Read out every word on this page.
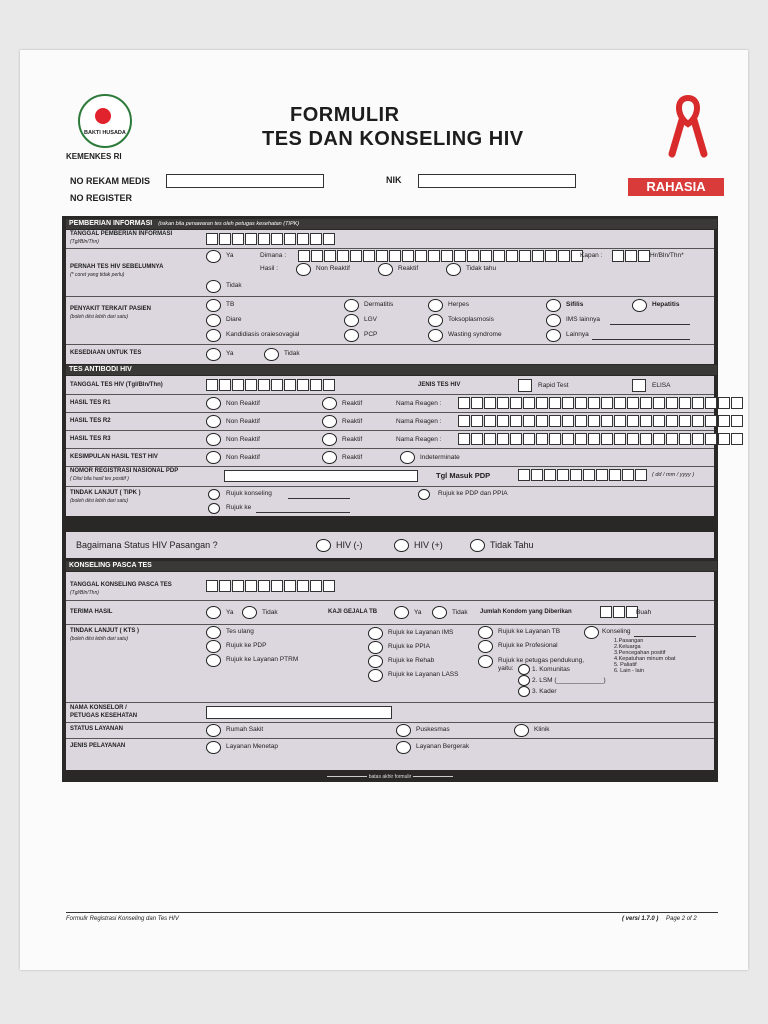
BAKTI HUSADA
KEMENKES RI
FORMULIR
TES DAN KONSELING HIV
NO REKAM MEDIS
NO REGISTER
NIK	RAHASIA
PEMBERIAN INFORMASI (isikan bila penawaran tes oleh petugas kesehatan (TIPK)
TANGGAL PEMBERIAN INFORMASI
(Tgl/Bln/Thn)
PERNAH TES HIV SEBELUMNYA
(* coret yang tidak perlu)
Ya	Dimana :	Kapan :	Hr/Bln/Thn*
Hasil :	Non Reaktif	Reaktif	Tidak tahu
Tidak
PENYAKIT TERKAIT PASIEN
(boleh diisi lebih dari satu)
TB	Dermatitis	Herpes	Sifilis	Hepatitis
Diare	LGV	Toksoplasmosis	IMS lainnya
Kandidiasis oraiesovagial	PCP	Wasting syndrome	Lainnya
KESEDIAAN UNTUK TES	Ya	Tidak
TES ANTIBODI HIV
TANGGAL TES HIV (Tgl/Bln/Thn)	JENIS TES HIV	Rapid Test	ELISA
HASIL TES R1	Non Reaktif	Reaktif	Nama Reagen :
HASIL TES R2	Non Reaktif	Reaktif	Nama Reagen :
HASIL TES R3	Non Reaktif	Reaktif	Nama Reagen :
KESIMPULAN HASIL TEST HIV	Non Reaktif	Reaktif	Indeterminate
NOMOR REGISTRASI NASIONAL PDP
( Diisi bila hasil tes positif )	Tgl Masuk PDP	( dd / mm / yyyy )
TINDAK LANJUT ( TIPK )
(boleh diisi lebih dari satu)
Rujuk konseling	Rujuk ke PDP dan PPIA
Rujuk ke
Bagaimana Status HIV Pasangan ?	HIV (-)	HIV (+)	Tidak Tahu
KONSELING PASCA TES
TANGGAL KONSELING PASCA TES
(Tgl/Bln/Thn)
TERIMA HASIL	Ya	Tidak	KAJI GEJALA TB	Ya	Tidak Jumlah Kondom yang Diberikan	Buah
TINDAK LANJUT ( KTS )
(boleh diisi lebih dari satu)
Tes ulang
Rujuk ke PDP
Rujuk ke Layanan PTRM
Rujuk ke Layanan IMS
Rujuk ke PPIA
Rujuk ke Rehab
Rujuk ke Layanan LASS
Rujuk ke Layanan TB
Rujuk ke Profesional
Rujuk ke petugas pendukung,
yaitu:	1. Komunitas
2. LSM (_____________)
3. Kader
Konseling
1.Pasangan
2.Keluarga
3.Pencegahan positif
4.Kepatuhan minum obat
5. Paliatif
6. Lain - lain
NAMA KONSELOR /
PETUGAS KESEHATAN
STATUS LAYANAN	Rumah Sakit	Puskesmas	Klinik
JENIS PELAYANAN	Layanan Menetap	Layanan Bergerak
batas akhir formulir
Formulir Registrasi Konseling dan Tes HIV	( versi 1.7.0 ) Page 2 of 2
